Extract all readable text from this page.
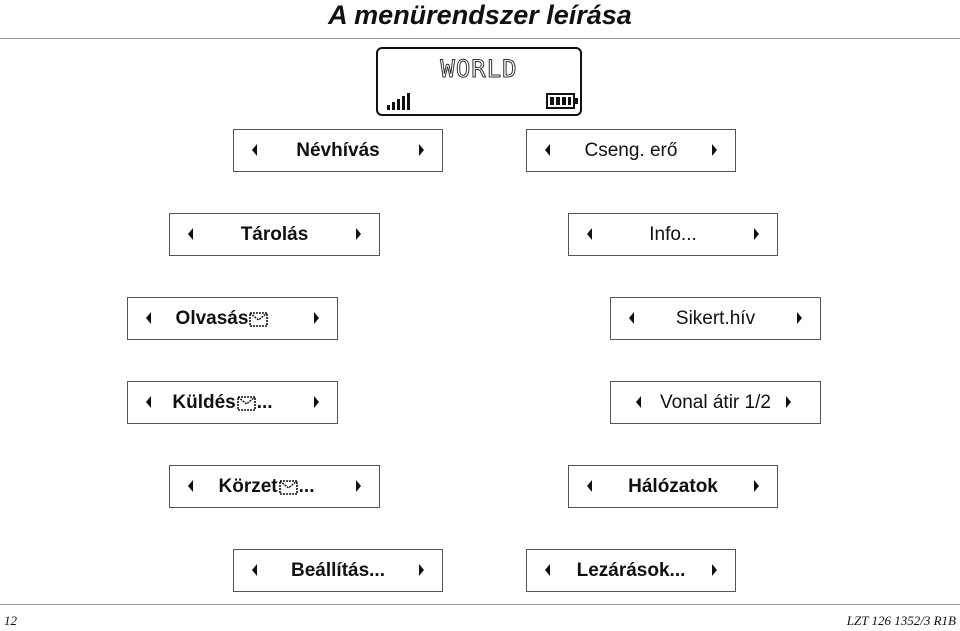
A menürendszer leírása
WORLD
Névhívás	Cseng. erő
Tárolás	Info...
Olvasás	Sikert.hív
Küldés ...	Vonal átir 1/2
Körzet ...	Hálózatok
Beállítás...	Lezárások...
12	LZT 126 1352/3 R1B
